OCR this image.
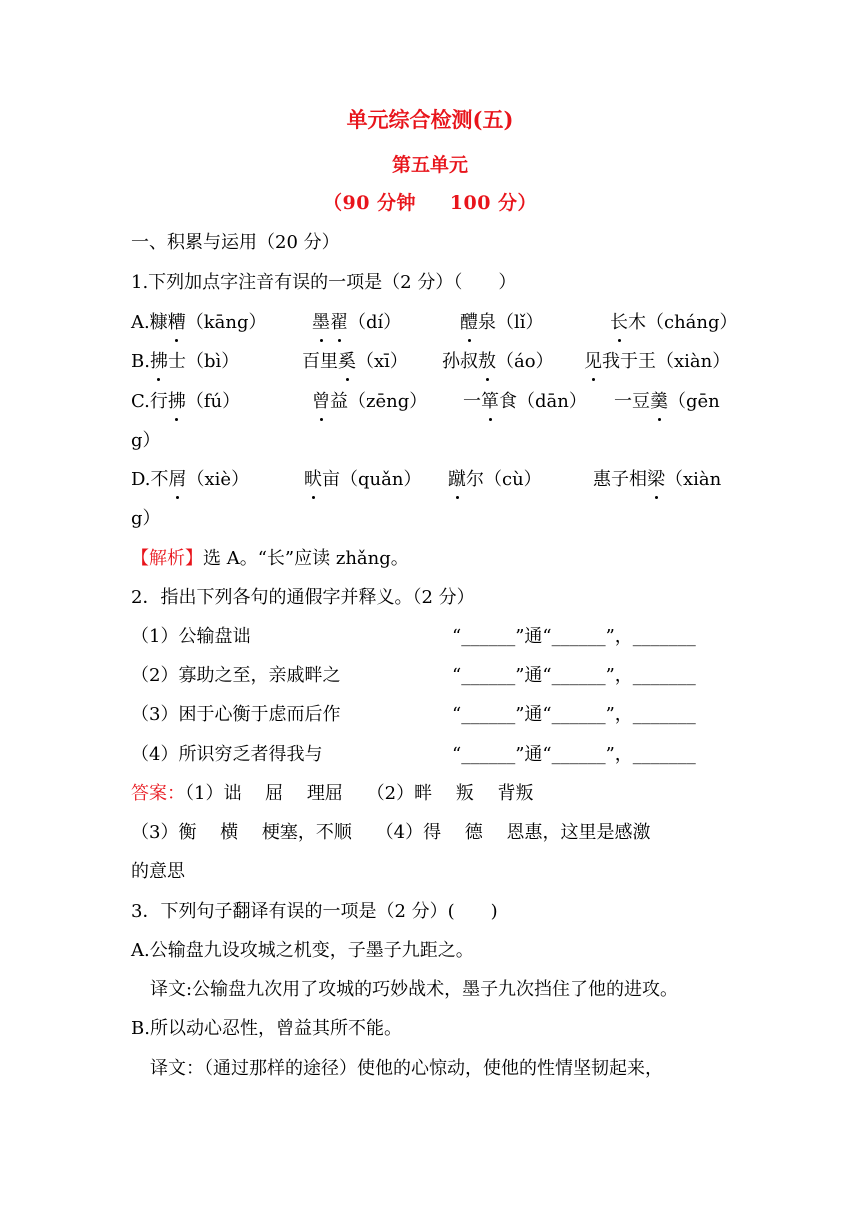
单元综合检测(五)
第五单元
（90 分钟 　 100 分）
一、积累与运用（20 分）
1.下列加点字注音有误的一项是（2 分）（　　）
A.糠糟（kāng）	墨翟（dí）	醴泉（lǐ）	长木（cháng）
B.拂士（bì）	百里奚（xī） 孙叔敖（áo） 见我于王（xiàn）
C.行拂（fú）	曾益（zēng） 一箪食（dān） 一豆羹（gēn
g）
D.不屑（xiè）	畎亩（quǎn） 蹴尔（cù）	惠子相梁（xiàn
g）
【解析】选 A。“长”应读 zhǎng。
2．指出下列各句的通假字并释义。（2 分）
（1）公输盘诎	“______”通“______”，_______
（2）寡助之至，亲戚畔之	“______”通“______”，_______
（3）困于心衡于虑而后作	“______”通“______”，_______
（4）所识穷乏者得我与	“______”通“______”，_______
答案：（1）诎　 屈　 理屈　 （2）畔　 叛　 背叛
（3）衡　 横　 梗塞，不顺　 （4）得　 德　 恩惠，这里是感激
的意思
3．下列句子翻译有误的一项是（2 分）(　　)
A.公输盘九设攻城之机变，子墨子九距之。
译文:公输盘九次用了攻城的巧妙战术，墨子九次挡住了他的进攻。
B.所以动心忍性，曾益其所不能。
译文：（通过那样的途径）使他的心惊动，使他的性情坚韧起来，
